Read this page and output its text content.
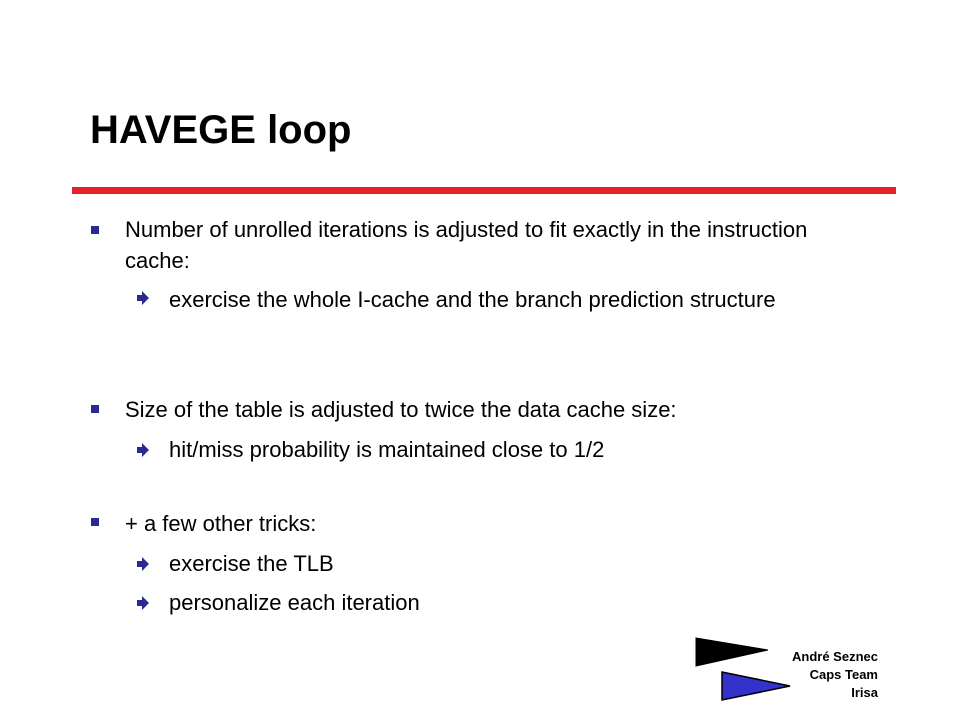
HAVEGE loop
Number of unrolled iterations is adjusted to fit exactly in the instruction cache:
exercise the whole I-cache and the branch prediction structure
Size of the table is adjusted to twice the data cache size:
hit/miss probability is maintained close to 1/2
+ a few other tricks:
exercise the TLB
personalize each iteration
André Seznec
Caps Team
Irisa
